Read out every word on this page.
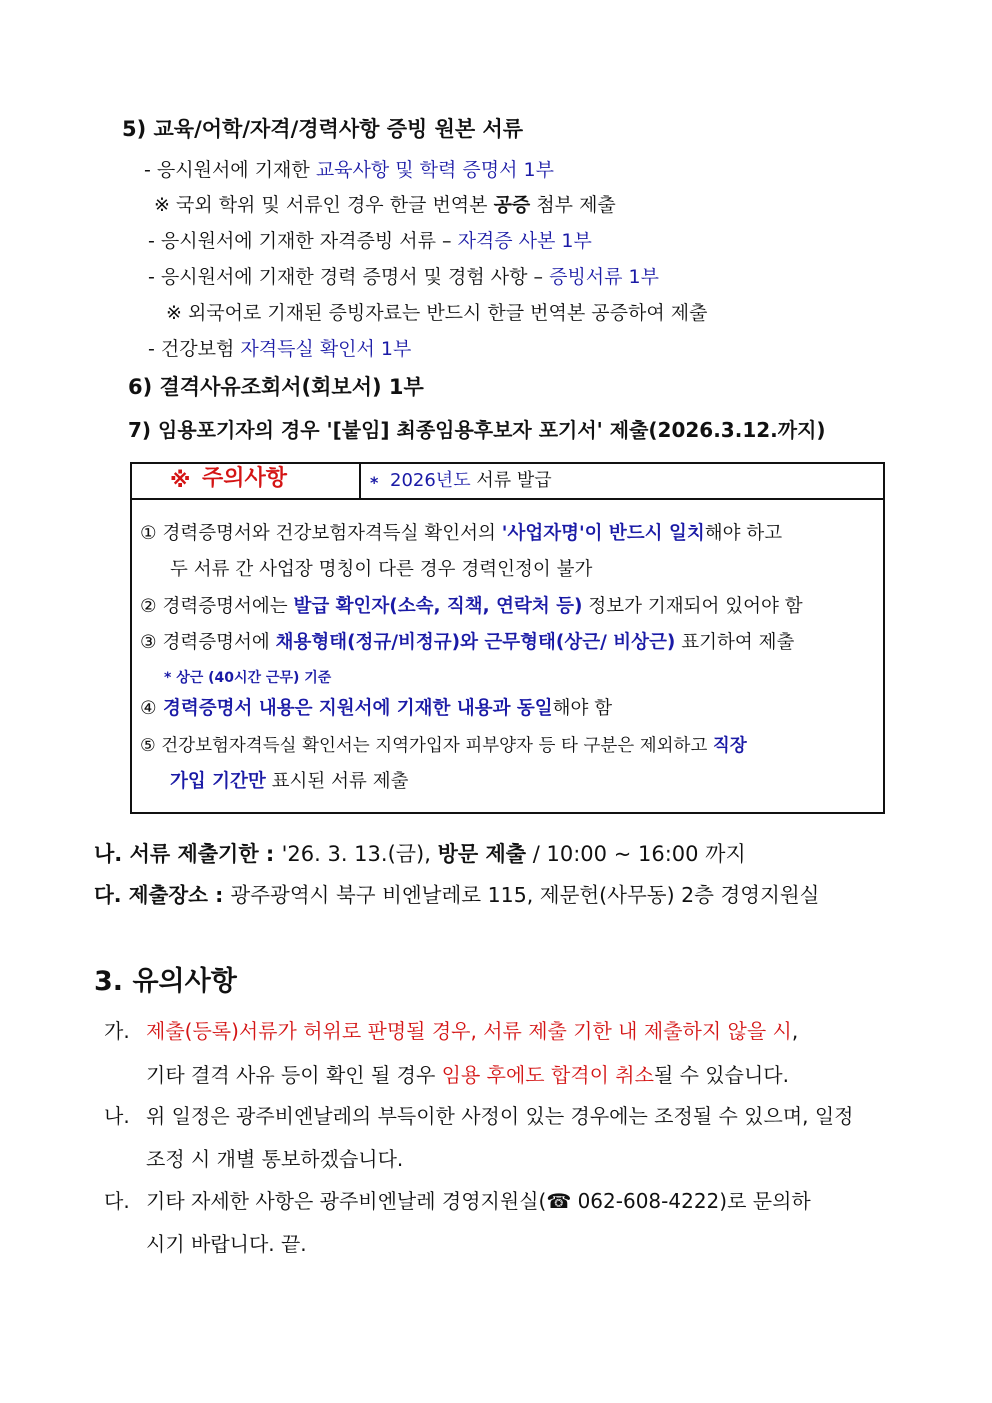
5) 교육/어학/자격/경력사항 증빙 원본 서류
- 응시원서에 기재한 교육사항 및 학력 증명서 1부
※ 국외 학위 및 서류인 경우 한글 번역본 공증 첨부 제출
- 응시원서에 기재한 자격증빙 서류 – 자격증 사본 1부
- 응시원서에 기재한 경력 증명서 및 경험 사항 – 증빙서류 1부
※ 외국어로 기재된 증빙자료는 반드시 한글 번역본 공증하여 제출
- 건강보험 자격득실 확인서 1부
6) 결격사유조회서(회보서) 1부
7) 임용포기자의 경우 '[붙임] 최종임용후보자 포기서' 제출(2026.3.12.까지)
※ 주의사항	* 2026년도 서류 발급
① 경력증명서와 건강보험자격득실 확인서의 '사업자명'이 반드시 일치해야 하고
두 서류 간 사업장 명칭이 다른 경우 경력인정이 불가
② 경력증명서에는 발급 확인자(소속, 직책, 연락처 등) 정보가 기재되어 있어야 함
③ 경력증명서에 채용형태(정규/비정규)와 근무형태(상근/ 비상근) 표기하여 제출
* 상근 (40시간 근무) 기준
④ 경력증명서 내용은 지원서에 기재한 내용과 동일해야 함
⑤ 건강보험자격득실 확인서는 지역가입자 피부양자 등 타 구분은 제외하고 직장
가입 기간만 표시된 서류 제출
나. 서류 제출기한 : '26. 3. 13.(금), 방문 제출 / 10:00 ~ 16:00 까지
다. 제출장소 : 광주광역시 북구 비엔날레로 115, 제문헌(사무동) 2층 경영지원실
3. 유의사항
가. 제출(등록)서류가 허위로 판명될 경우, 서류 제출 기한 내 제출하지 않을 시,
기타 결격 사유 등이 확인 될 경우 임용 후에도 합격이 취소될 수 있습니다.
나. 위 일정은 광주비엔날레의 부득이한 사정이 있는 경우에는 조정될 수 있으며, 일정
조정 시 개별 통보하겠습니다.
다. 기타 자세한 사항은 광주비엔날레 경영지원실(☎ 062-608-4222)로 문의하
시기 바랍니다. 끝.
